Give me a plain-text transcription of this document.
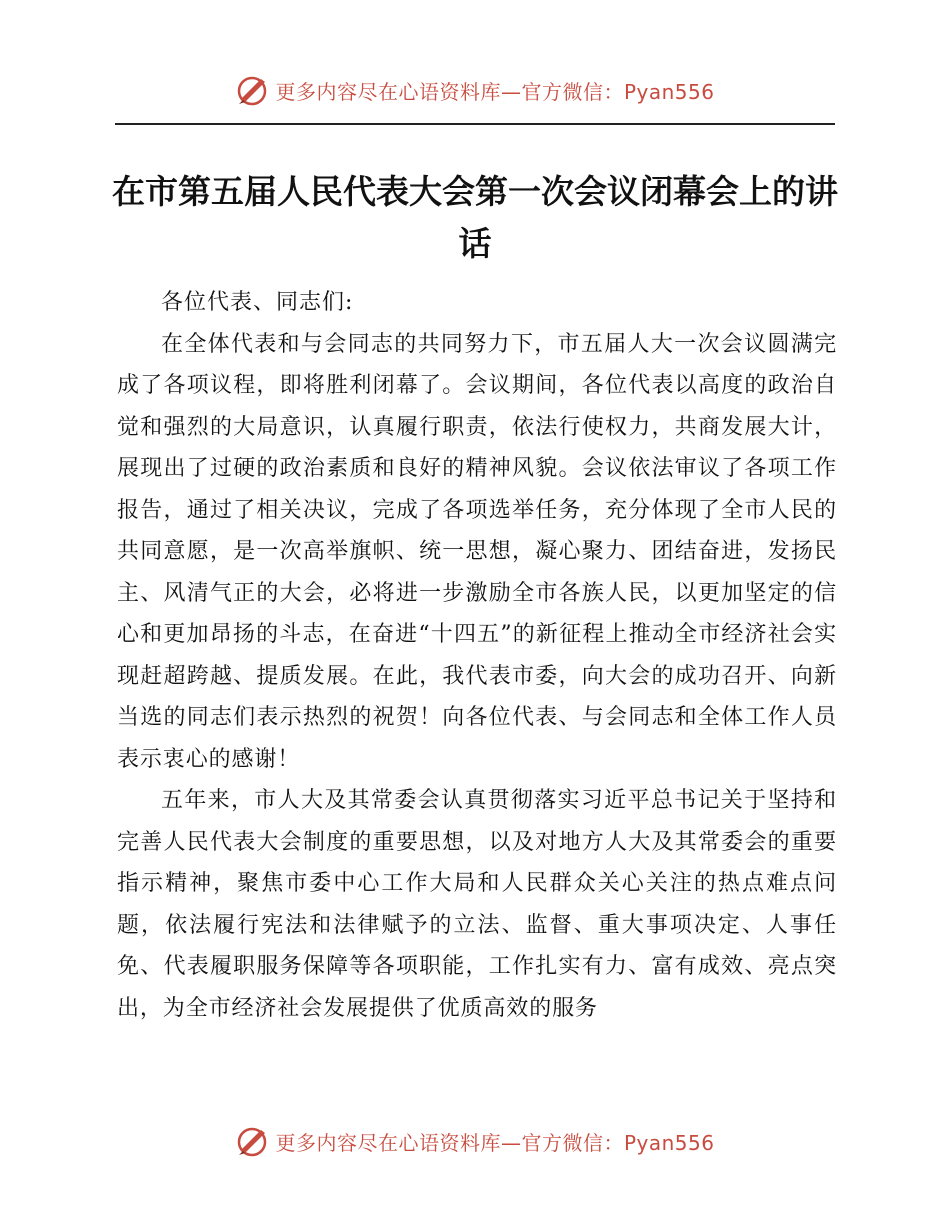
更多内容尽在心语资料库—官方微信：Pyan556
在市第五届人民代表大会第一次会议闭幕会上的讲话

各位代表、同志们:

在全体代表和与会同志的共同努力下，市五届人大一次会议圆满完成了各项议程，即将胜利闭幕了。会议期间，各位代表以高度的政治自觉和强烈的大局意识，认真履行职责，依法行使权力，共商发展大计，展现出了过硬的政治素质和良好的精神风貌。会议依法审议了各项工作报告，通过了相关决议，完成了各项选举任务，充分体现了全市人民的共同意愿，是一次高举旗帜、统一思想，凝心聚力、团结奋进，发扬民主、风清气正的大会，必将进一步激励全市各族人民，以更加坚定的信心和更加昂扬的斗志，在奋进“十四五”的新征程上推动全市经济社会实现赶超跨越、提质发展。在此，我代表市委，向大会的成功召开、向新当选的同志们表示热烈的祝贺！向各位代表、与会同志和全体工作人员表示衷心的感谢！

五年来，市人大及其常委会认真贯彻落实习近平总书记关于坚持和完善人民代表大会制度的重要思想，以及对地方人大及其常委会的重要指示精神，聚焦市委中心工作大局和人民群众关心关注的热点难点问题，依法履行宪法和法律赋予的立法、监督、重大事项决定、人事任免、代表履职服务保障等各项职能，工作扎实有力、富有成效、亮点突出，为全市经济社会发展提供了优质高效的服务

更多内容尽在心语资料库—官方微信：Pyan556
